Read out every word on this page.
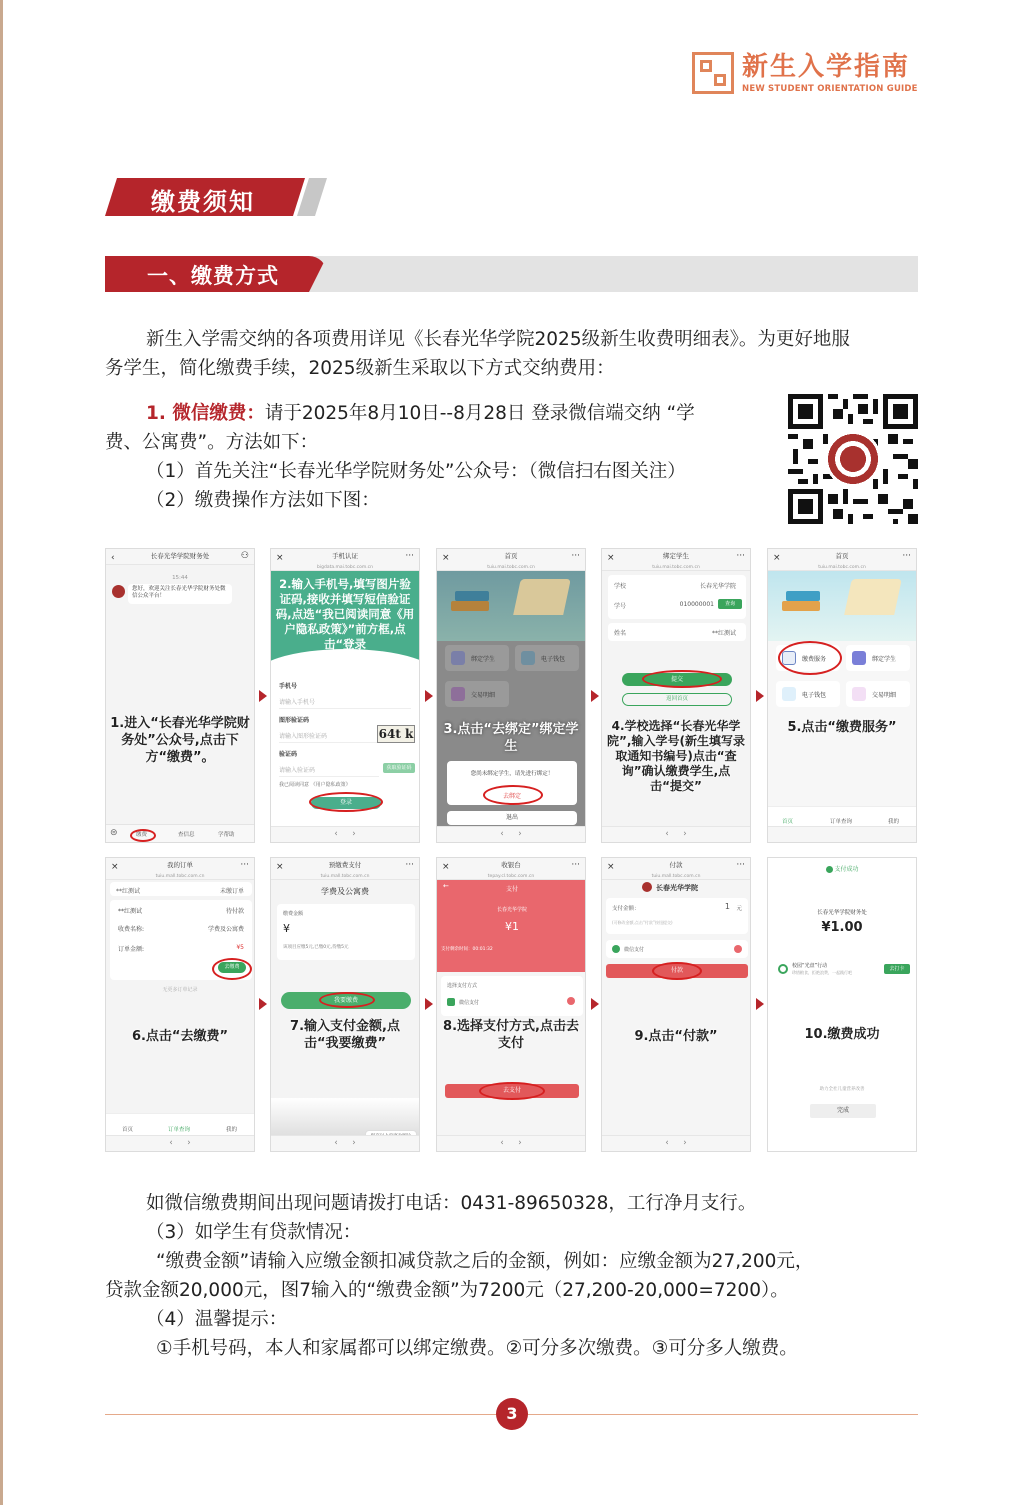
新生入学指南
NEW STUDENT ORIENTATION GUIDE
缴费须知
一、缴费方式
新生入学需交纳的各项费用详见《长春光华学院2025级新生收费明细表》。为更好地服
务学生，简化缴费手续，2025级新生采取以下方式交纳费用：
1. 微信缴费：请于2025年8月10日--8月28日 登录微信端交纳 “学
费、公寓费”。方法如下：
（1）首先关注“长春光华学院财务处”公众号：（微信扫右图关注）
（2）缴费操作方法如下图：
‹	长春光华学院财务处	⚇
15:44
您好，欢迎关注长春光华学院财务处微信公众平台！
1.进入“长春光华学院财务处”公众号,点击下方“缴费”。
⊜	缴费	查信息	学帮助
×	手机认证
bigdata.mai.tobc.com.cn
···
2.输入手机号,填写图片验证码,接收并填写短信验证码,点选“我已阅读同意《用户隐私政策》”前方框,点击“登录
手机号
请输入手机号
图形验证码
请输入图形验证码	64t k
验证码
请输入验证码	获取验证码
我已阅读同意 《用户隐私政策》
登录
‹     ›
×	首页
tuiu.mai.tobc.com.cn
···
绑定学生	电子钱包
交易明细
3.点击“去绑定”绑定学生
您尚未绑定学生，请先进行绑定！
去绑定
退出
‹     ›
×	绑定学生
tuiu.mai.tobc.com.cn
···
学校	长春光华学院
学号	010000001	查询
姓名	**红测试
提交
返回首页
4.学校选择“长春光华学院”,输入学号(新生填写录取通知书编号)点击“查询”确认缴费学生,点击“提交”
‹     ›
×	首页
tuiu.mai.tobc.com.cn
···
缴费服务	绑定学生
电子钱包	交易明细
5.点击“缴费服务”
首页	订单查询	我的
×	我的订单
tuiu.mall.tobc.com.cn
···
**红测试	未缴订单
**红测试	待付款
收费名称:	学费及公寓费
订单金额:	¥5
去缴费
无更多订单记录
6.点击“去缴费”
首页	订单查询	我的
‹     ›
×	预缴费支付
tuiu.mall.tobc.com.cn
···
学费及公寓费
缴费金额
¥
该项目应缴5元,已缴0元,待缴5元
我要缴费
7.输入支付金额,点击“我要缴费”
‹     ›
×	收银台
tepay.cl.tobc.com.cn
···
←	支付
长春光华学院
¥1
支付剩余时间：00:01:32
选择支付方式
微信支付
8.选择支付方式,点击去支付
去支付
‹     ›
×	付款
tuiu.mall.tobc.com.cn
···
长春光华学院
支付金额：	1 元
(可修改金额,点击“付款”按钮提交)
微信支付
付款
9.点击“付款”
‹     ›
支付成功
长春光华学院财务处
¥1.00
校园“光盘”行动
珍惜粮食，拒绝浪费，一起践行吧
去打卡
10.缴费成功
助力全社儿童营养改善
完成
如微信缴费期间出现问题请拨打电话：0431-89650328，工行净月支行。
（3）如学生有贷款情况：
“缴费金额”请输入应缴金额扣减贷款之后的金额，例如：应缴金额为27,200元，
贷款金额20,000元，图7输入的“缴费金额”为7200元（27,200-20,000=7200）。
（4）温馨提示：
①手机号码，本人和家属都可以绑定缴费。②可分多次缴费。③可分多人缴费。
3
